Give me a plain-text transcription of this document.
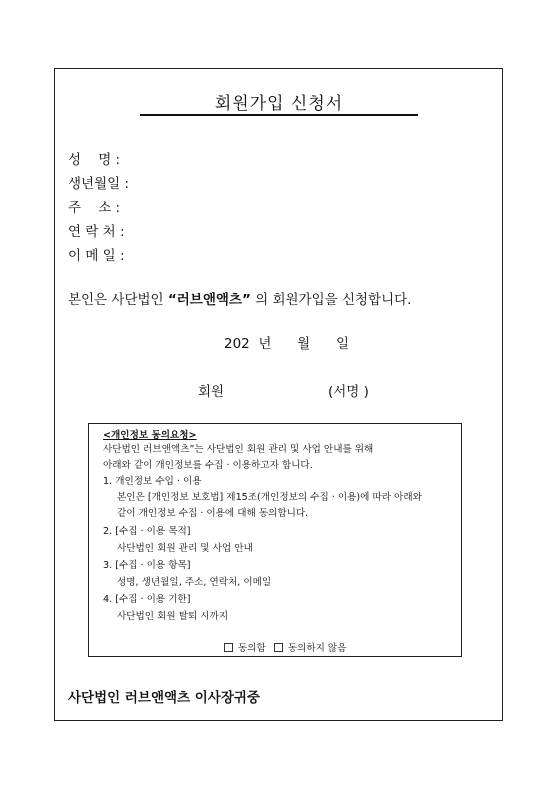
회원가입 신청서
성    명 :
생년월일 :
주    소 :
연 락 처 :
이 메 일 :
본인은 사단법인 “러브앤액츠” 의 회원가입을 신청합니다.
202  년 월 일
회원	(서명 )
<개인정보 동의요청>
사단법인 러브앤액츠”는 사단법인 회원 관리 및 사업 안내를 위해
아래와 같이 개인정보를 수집 · 이용하고자 합니다.
1. 개인정보 수입 · 이용
본인은 [개인정보 보호법] 제15조(개인정보의 수집 · 이용)에 따라 아래와
같이 개인정보 수집 · 이용에 대해 동의합니다.
2. [수집 · 이용 목적]
사단법인 회원 관리 및 사업 안내
3. [수집 · 이용 항목]
성명, 생년월일, 주소, 연락처, 이메일
4. [수집 · 이용 기한]
사단법인 회원 탈퇴 시까지
동의함 동의하지 않음
사단법인 러브앤액츠 이사장귀중
